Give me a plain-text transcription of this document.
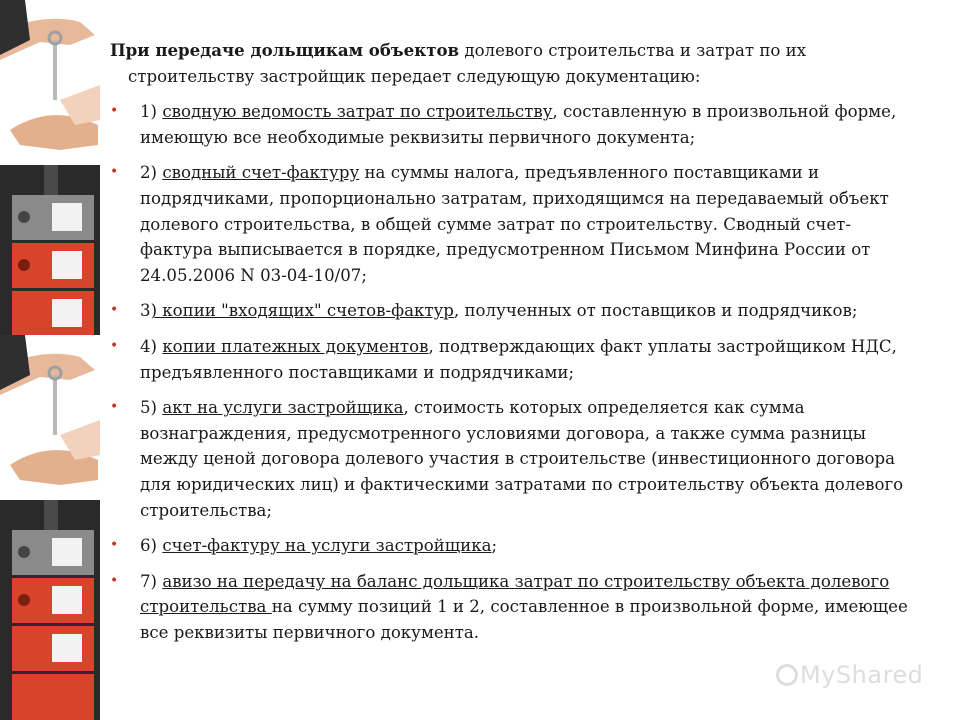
При передаче дольщикам объектов долевого строительства и затрат по их строительству застройщик передает следующую документацию:

• 1) сводную ведомость затрат по строительству, составленную в произвольной форме, имеющую все необходимые реквизиты первичного документа;
• 2) сводный счет-фактуру на суммы налога, предъявленного поставщиками и подрядчиками, пропорционально затратам, приходящимся на передаваемый объект долевого строительства, в общей сумме затрат по строительству. Сводный счет-фактура выписывается в порядке, предусмотренном Письмом Минфина России от 24.05.2006 N 03-04-10/07;
• 3) копии "входящих" счетов-фактур, полученных от поставщиков и подрядчиков;
• 4) копии платежных документов, подтверждающих факт уплаты застройщиком НДС, предъявленного поставщиками и подрядчиками;
• 5) акт на услуги застройщика, стоимость которых определяется как сумма вознаграждения, предусмотренного условиями договора, а также сумма разницы между ценой договора долевого участия в строительстве (инвестиционного договора для юридических лиц) и фактическими затратами по строительству объекта долевого строительства;
• 6) счет-фактуру на услуги застройщика;
• 7) авизо на передачу на баланс дольщика затрат по строительству объекта долевого строительства на сумму позиций 1 и 2, составленное в произвольной форме, имеющее все реквизиты первичного документа.
MyShared
